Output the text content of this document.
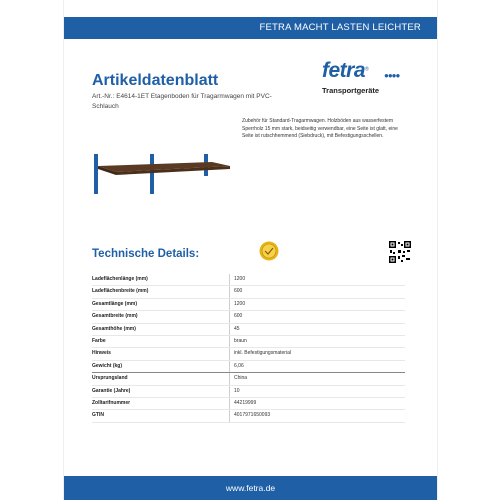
FETRA MACHT LASTEN LEICHTER
Artikeldatenblatt
Art.-Nr.: E4614-1ET Etagenboden für Tragarmwagen mit PVC-Schlauch
fetra®
●●●●
Transportgeräte
Zubehör für Standard-Tragarmwagen. Holzböden aus wasserfestem Sperrholz 15 mm stark, beidseitig verwendbar, eine Seite ist glatt, eine Seite ist rutschhemmend (Siebdruck), mit Befestigungsschellen.
Technische Details:
Ladeflächenlänge (mm)	1200
Ladeflächenbreite (mm)	600
Gesamtlänge (mm)	1200
Gesamtbreite (mm)	600
Gesamthöhe (mm)	45
Farbe	braun
Hinweis	inkl. Befestigungsmaterial
Gewicht (kg)	6,06
Ursprungsland	China
Garantie (Jahre)	10
Zolltarifnummer	44219999
GTIN	4017971650093
www.fetra.de
